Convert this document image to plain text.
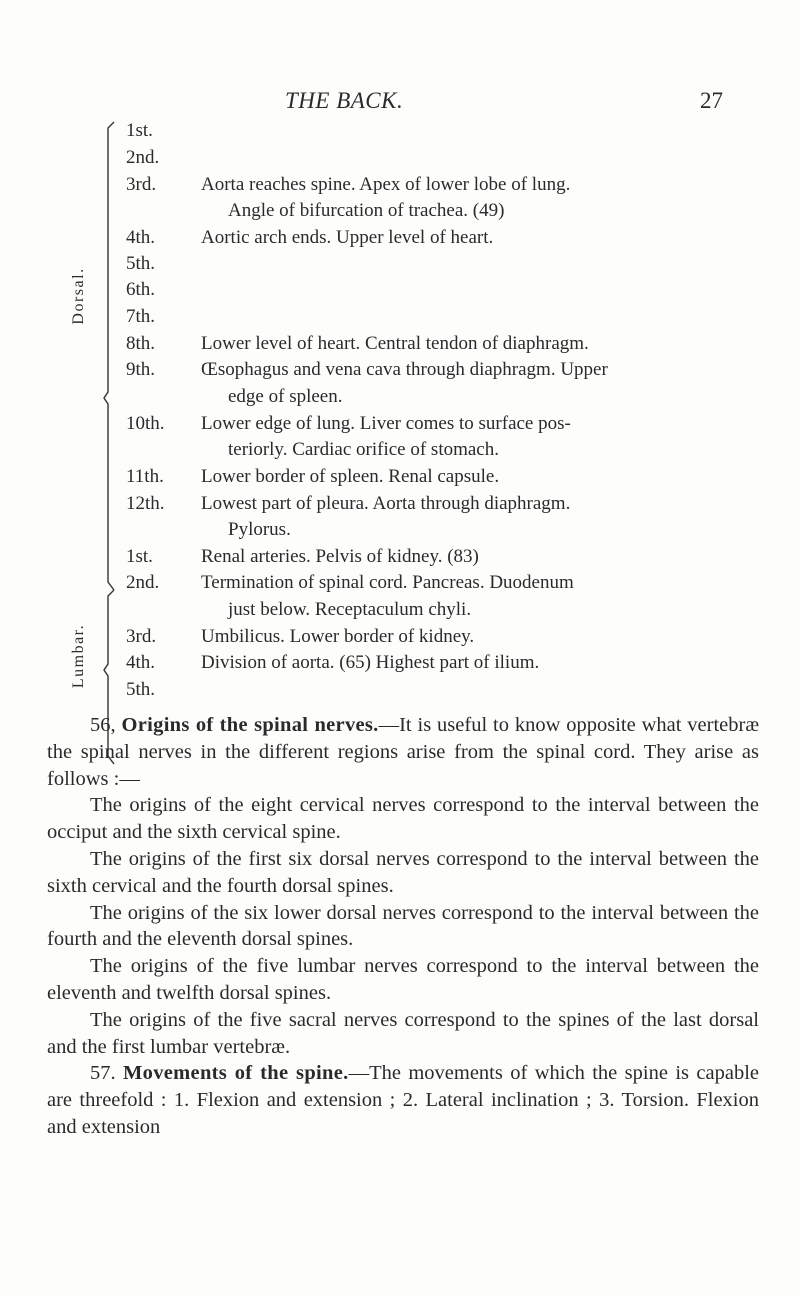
THE BACK.	27
Dorsal.
Lumbar.
1st.
2nd.
3rd. Aorta reaches spine. Apex of lower lobe of lung.
Angle of bifurcation of trachea. (49)
4th. Aortic arch ends. Upper level of heart.
5th.
6th.
7th.
8th. Lower level of heart. Central tendon of diaphragm.
9th. Œsophagus and vena cava through diaphragm. Upper
edge of spleen.
10th. Lower edge of lung. Liver comes to surface pos-
teriorly. Cardiac orifice of stomach.
11th. Lower border of spleen. Renal capsule.
12th. Lowest part of pleura. Aorta through diaphragm.
Pylorus.
1st.	Renal arteries. Pelvis of kidney. (83)
2nd. Termination of spinal cord. Pancreas. Duodenum
just below. Receptaculum chyli.
3rd. Umbilicus. Lower border of kidney.
4th. Division of aorta. (65) Highest part of ilium.
5th.

56, Origins of the spinal nerves.—It is useful to know opposite what vertebræ the spinal nerves in the different regions arise from the spinal cord. They arise as follows :—

The origins of the eight cervical nerves correspond to the interval between the occiput and the sixth cervical spine.

The origins of the first six dorsal nerves correspond to the interval between the sixth cervical and the fourth dorsal spines.

The origins of the six lower dorsal nerves correspond to the interval between the fourth and the eleventh dorsal spines.

The origins of the five lumbar nerves correspond to the interval between the eleventh and twelfth dorsal spines.

The origins of the five sacral nerves correspond to the spines of the last dorsal and the first lumbar vertebræ.

57. Movements of the spine.—The movements of which the spine is capable are threefold : 1. Flexion and extension ; 2. Lateral inclination ; 3. Torsion. Flexion and extension
